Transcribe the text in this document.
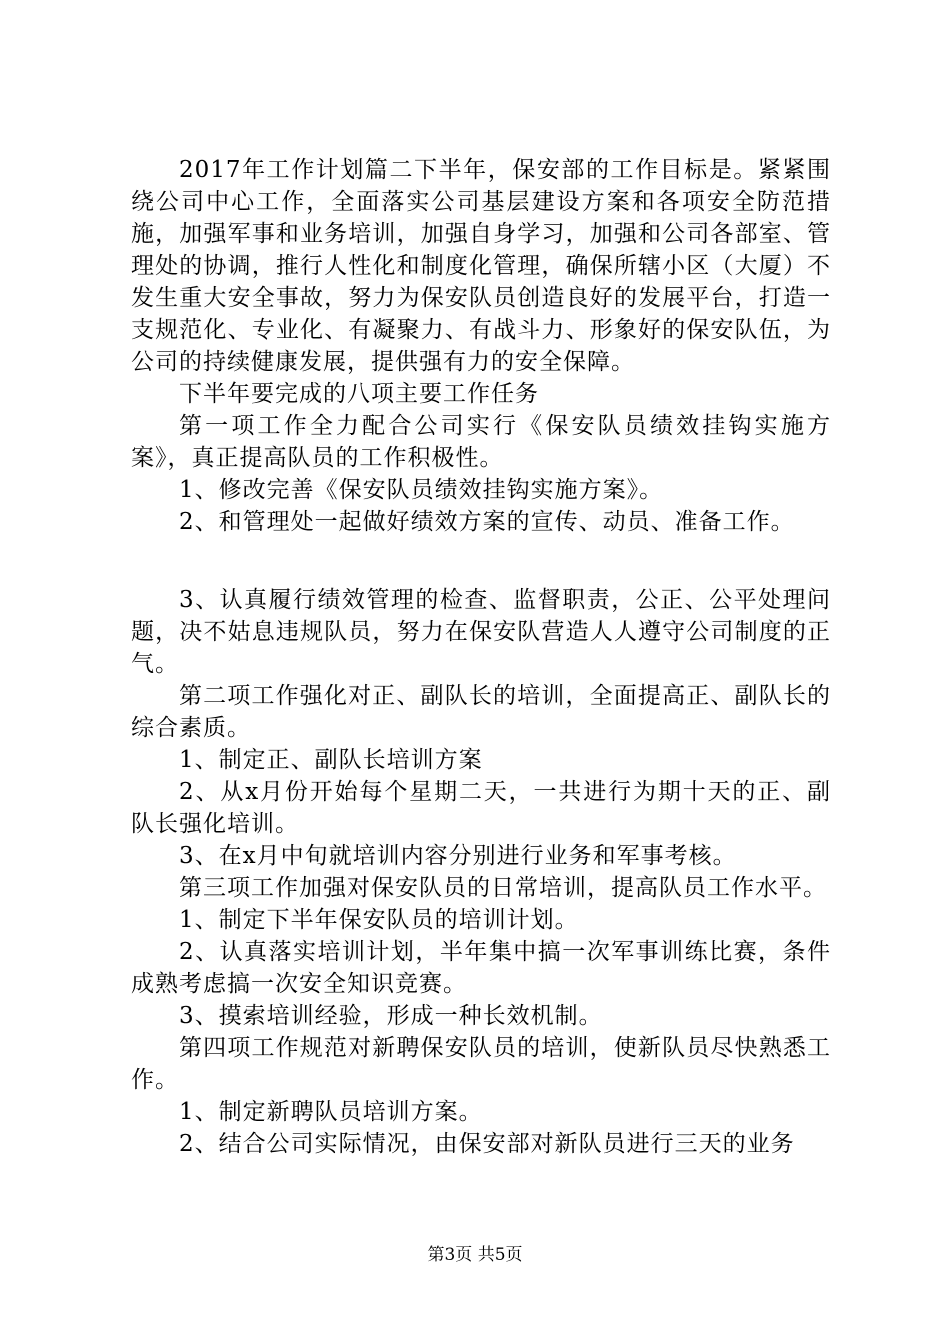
2017年工作计划篇二下半年，保安部的工作目标是。紧紧围绕公司中心工作，全面落实公司基层建设方案和各项安全防范措施，加强军事和业务培训，加强自身学习，加强和公司各部室、管理处的协调，推行人性化和制度化管理，确保所辖小区（大厦）不发生重大安全事故，努力为保安队员创造良好的发展平台，打造一支规范化、专业化、有凝聚力、有战斗力、形象好的保安队伍，为公司的持续健康发展，提供强有力的安全保障。

下半年要完成的八项主要工作任务

第一项工作全力配合公司实行《保安队员绩效挂钩实施方案》，真正提高队员的工作积极性。

1、修改完善《保安队员绩效挂钩实施方案》。

2、和管理处一起做好绩效方案的宣传、动员、准备工作。

3、认真履行绩效管理的检查、监督职责，公正、公平处理问题，决不姑息违规队员，努力在保安队营造人人遵守公司制度的正气。

第二项工作强化对正、副队长的培训，全面提高正、副队长的综合素质。

1、制定正、副队长培训方案

2、从x月份开始每个星期二天，一共进行为期十天的正、副队长强化培训。

3、在x月中旬就培训内容分别进行业务和军事考核。

第三项工作加强对保安队员的日常培训，提高队员工作水平。

1、制定下半年保安队员的培训计划。

2、认真落实培训计划，半年集中搞一次军事训练比赛，条件成熟考虑搞一次安全知识竞赛。

3、摸索培训经验，形成一种长效机制。

第四项工作规范对新聘保安队员的培训，使新队员尽快熟悉工作。

1、制定新聘队员培训方案。

2、结合公司实际情况，由保安部对新队员进行三天的业务

第3页 共5页
